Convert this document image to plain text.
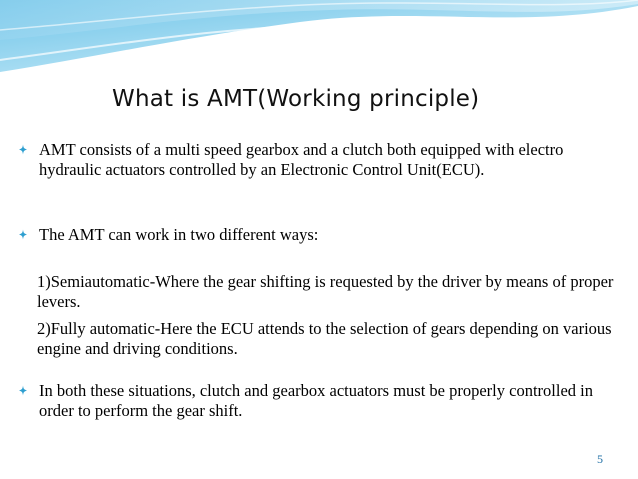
What is AMT(Working principle)
AMT consists of a multi speed gearbox and a clutch both equipped with electro hydraulic actuators controlled by an Electronic Control Unit(ECU).
The AMT can work in two different ways:
1)Semiautomatic-Where the gear shifting is requested by the driver by means of proper levers.
2)Fully automatic-Here the ECU attends to the selection of gears depending on various engine and driving conditions.
In both these situations, clutch and gearbox actuators must be properly controlled in order to perform the gear shift.
5
